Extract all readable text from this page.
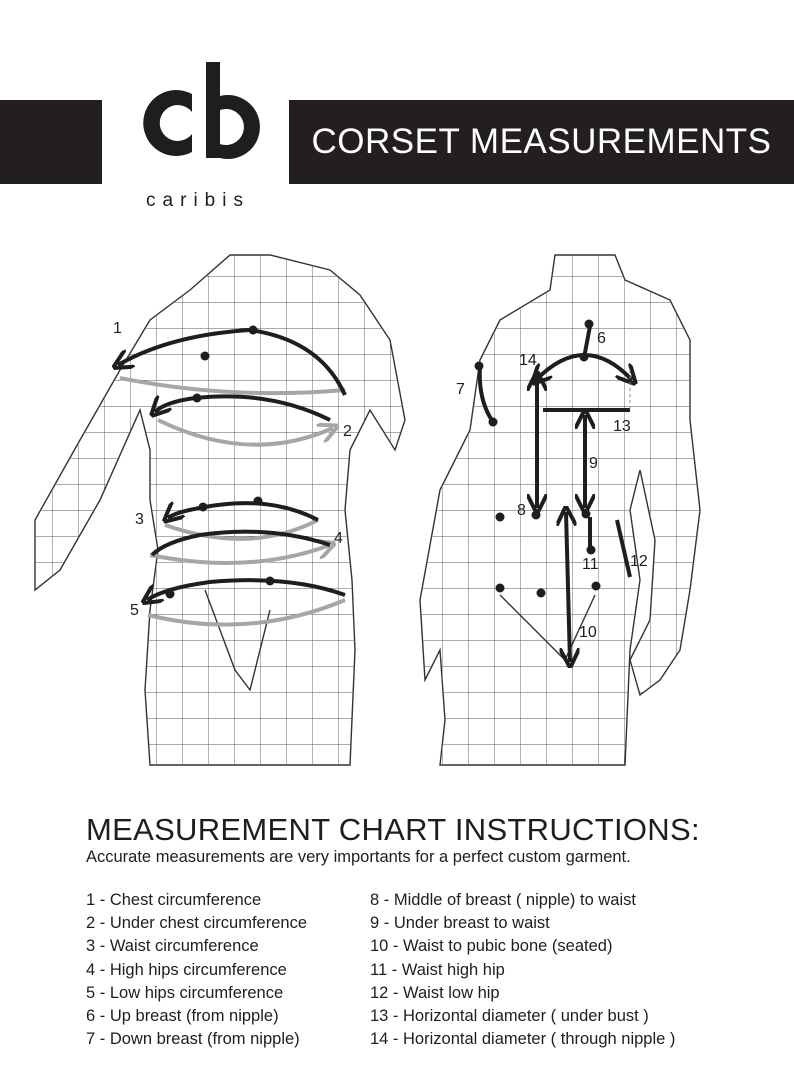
CORSET MEASUREMENTS
caribis
1
2
3
4
5
6
7
8
9
10
11 12
13
14
MEASUREMENT CHART INSTRUCTIONS:
Accurate measurements are very importants for a perfect custom garment.
1 - Chest circumference
2 - Under chest circumference
3 - Waist circumference
4 - High hips circumference
5 - Low hips circumference
6 - Up breast (from nipple)
7 - Down breast (from nipple)
8 - Middle of breast ( nipple) to waist
9 - Under breast to waist
10 - Waist to pubic bone (seated)
11 - Waist high hip
12 - Waist low hip
13 - Horizontal diameter ( under bust )
14 - Horizontal diameter ( through nipple )
